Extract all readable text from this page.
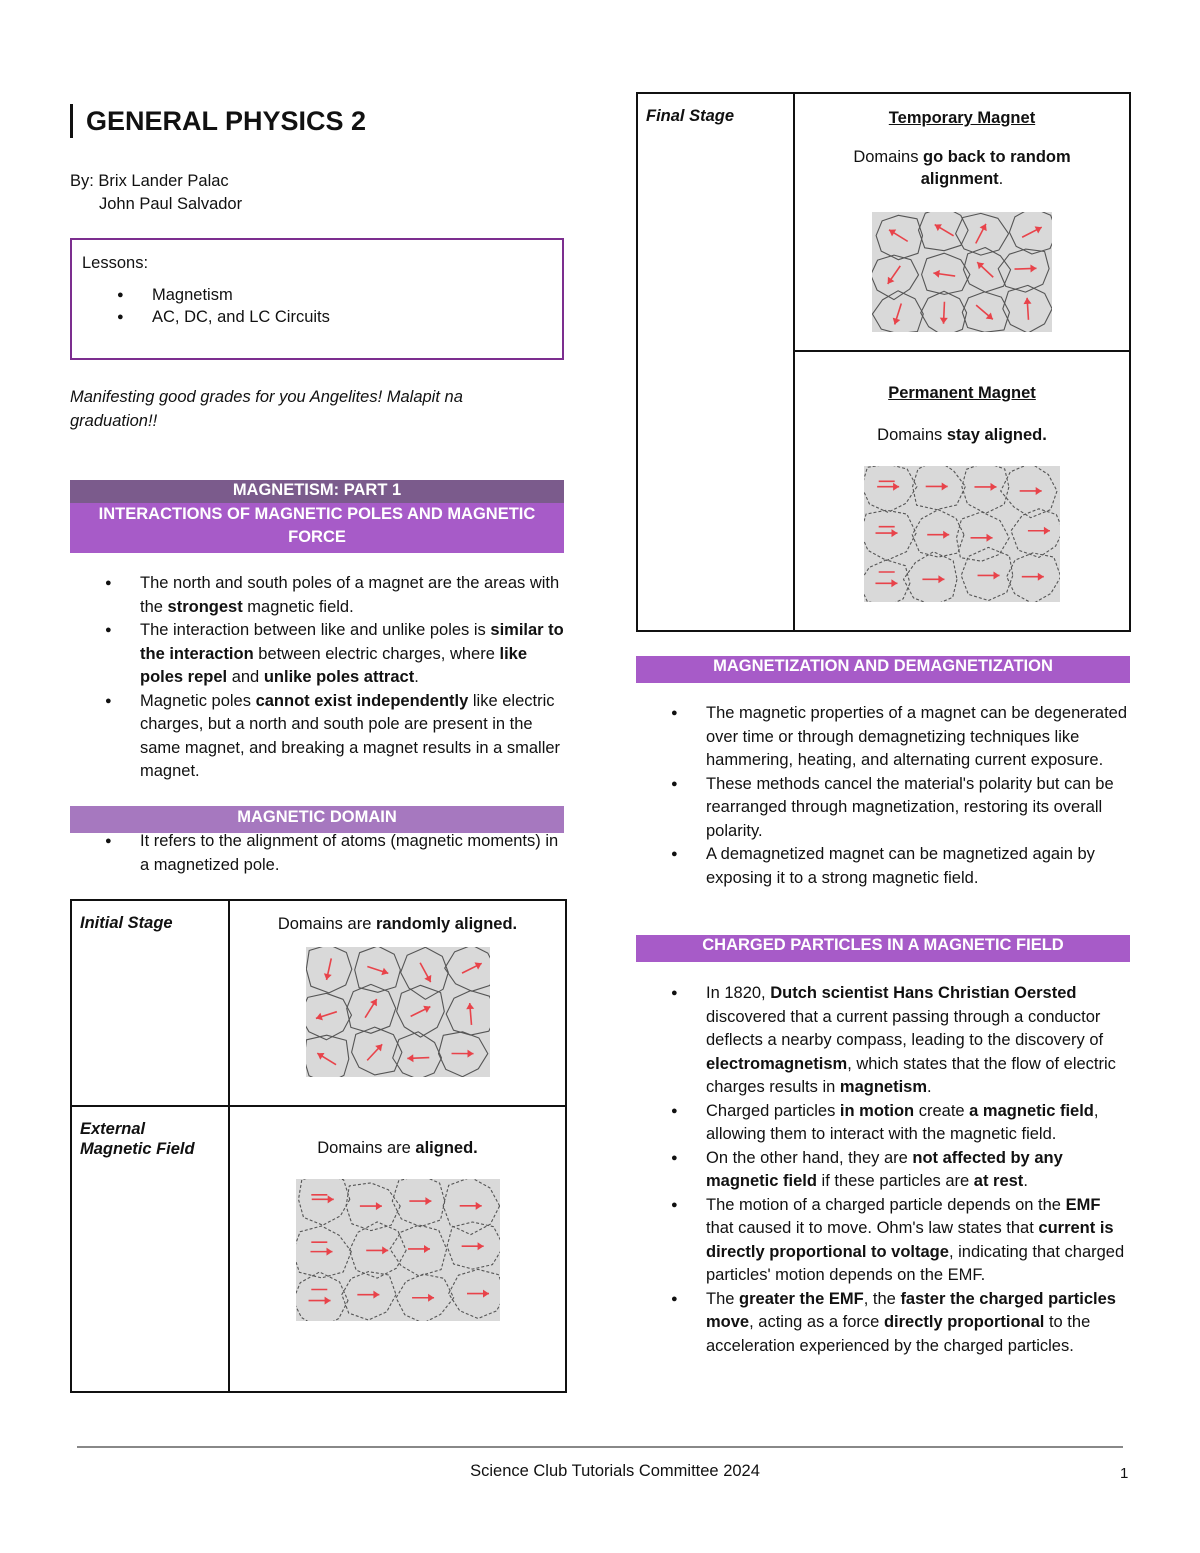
GENERAL PHYSICS 2
By: Brix Lander Palac
John Paul Salvador
Lessons:
● Magnetism
● AC, DC, and LC Circuits
Manifesting good grades for you Angelites! Malapit na graduation!!
MAGNETISM: PART 1
INTERACTIONS OF MAGNETIC POLES AND MAGNETIC FORCE
● The north and south poles of a magnet are the areas with the strongest magnetic field.
● The interaction between like and unlike poles is similar to the interaction between electric charges, where like poles repel and unlike poles attract.
● Magnetic poles cannot exist independently like electric charges, but a north and south pole are present in the same magnet, and breaking a magnet results in a smaller magnet.
MAGNETIC DOMAIN
● It refers to the alignment of atoms (magnetic moments) in a magnetized pole.
Initial Stage	Domains are randomly aligned.

External Magnetic Field	Domains are aligned.
Final Stage	Temporary Magnet
Domains go back to random alignment.

Permanent Magnet
Domains stay aligned.
MAGNETIZATION AND DEMAGNETIZATION
● The magnetic properties of a magnet can be degenerated over time or through demagnetizing techniques like hammering, heating, and alternating current exposure.
● These methods cancel the material's polarity but can be rearranged through magnetization, restoring its overall polarity.
● A demagnetized magnet can be magnetized again by exposing it to a strong magnetic field.
CHARGED PARTICLES IN A MAGNETIC FIELD
● In 1820, Dutch scientist Hans Christian Oersted discovered that a current passing through a conductor deflects a nearby compass, leading to the discovery of electromagnetism, which states that the flow of electric charges results in magnetism.
● Charged particles in motion create a magnetic field, allowing them to interact with the magnetic field.
● On the other hand, they are not affected by any magnetic field if these particles are at rest.
● The motion of a charged particle depends on the EMF that caused it to move. Ohm's law states that current is directly proportional to voltage, indicating that charged particles' motion depends on the EMF.
● The greater the EMF, the faster the charged particles move, acting as a force directly proportional to the acceleration experienced by the charged particles.
Science Club Tutorials Committee 2024	1
